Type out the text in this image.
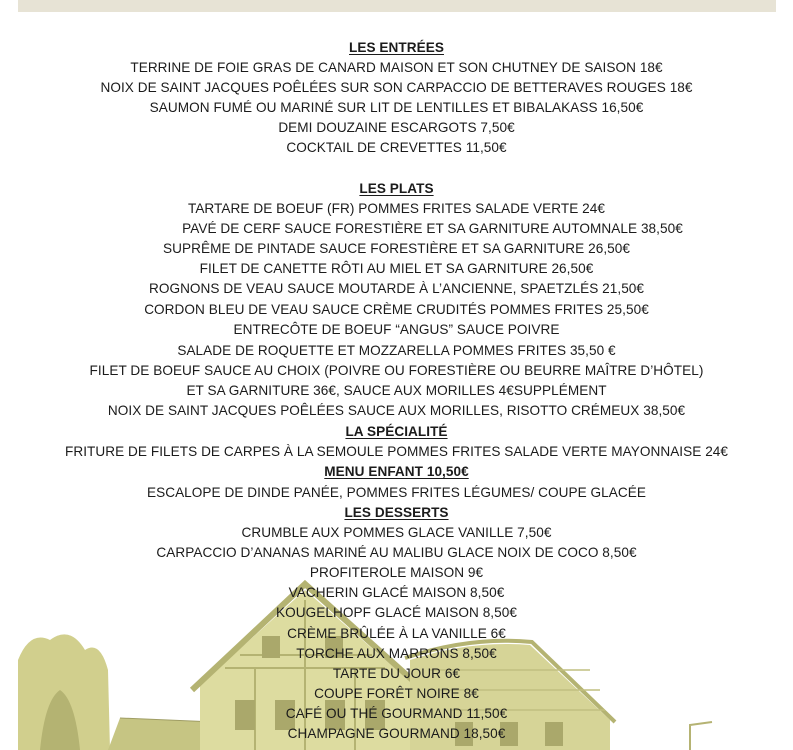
LES ENTRÉES
TERRINE DE FOIE GRAS DE CANARD MAISON ET SON CHUTNEY DE SAISON 18€
NOIX DE SAINT JACQUES POÊLÉES SUR SON CARPACCIO DE BETTERAVES ROUGES 18€
SAUMON FUMÉ OU MARINÉ SUR LIT DE LENTILLES ET BIBALAKASS 16,50€
DEMI DOUZAINE ESCARGOTS 7,50€
COCKTAIL DE CREVETTES 11,50€
LES PLATS
TARTARE DE BOEUF (FR) POMMES FRITES SALADE VERTE 24€
PAVÉ DE CERF SAUCE FORESTIÈRE ET SA GARNITURE AUTOMNALE 38,50€
SUPRÊME DE PINTADE SAUCE FORESTIÈRE ET SA GARNITURE 26,50€
FILET DE CANETTE RÔTI AU MIEL ET SA GARNITURE 26,50€
ROGNONS DE VEAU SAUCE MOUTARDE À L’ANCIENNE, SPAETZLÉS 21,50€
CORDON BLEU DE VEAU SAUCE CRÈME CRUDITÉS POMMES FRITES 25,50€
ENTRECÔTE DE BOEUF “ANGUS” SAUCE POIVRE
SALADE DE ROQUETTE ET MOZZARELLA POMMES FRITES 35,50 €
FILET DE BOEUF SAUCE AU CHOIX (POIVRE OU FORESTIÈRE OU BEURRE MAÎTRE D’HÔTEL)
ET SA GARNITURE 36€, SAUCE AUX MORILLES 4€SUPPLÉMENT
NOIX DE SAINT JACQUES POÊLÉES SAUCE AUX MORILLES, RISOTTO CRÉMEUX 38,50€
LA SPÉCIALITÉ
FRITURE DE FILETS DE CARPES À LA SEMOULE POMMES FRITES SALADE VERTE MAYONNAISE 24€
MENU ENFANT 10,50€
ESCALOPE DE DINDE PANÉE, POMMES FRITES LÉGUMES/ COUPE GLACÉE
LES DESSERTS
CRUMBLE AUX POMMES GLACE VANILLE 7,50€
CARPACCIO D’ANANAS MARINÉ AU MALIBU GLACE NOIX DE COCO 8,50€
PROFITEROLE MAISON 9€
VACHERIN GLACÉ MAISON 8,50€
KOUGELHOPF GLACÉ MAISON 8,50€
CRÈME BRÛLÉE À LA VANILLE 6€
TORCHE AUX MARRONS 8,50€
TARTE DU JOUR 6€
COUPE FORÊT NOIRE 8€
CAFÉ OU THÉ GOURMAND 11,50€
CHAMPAGNE GOURMAND 18,50€
